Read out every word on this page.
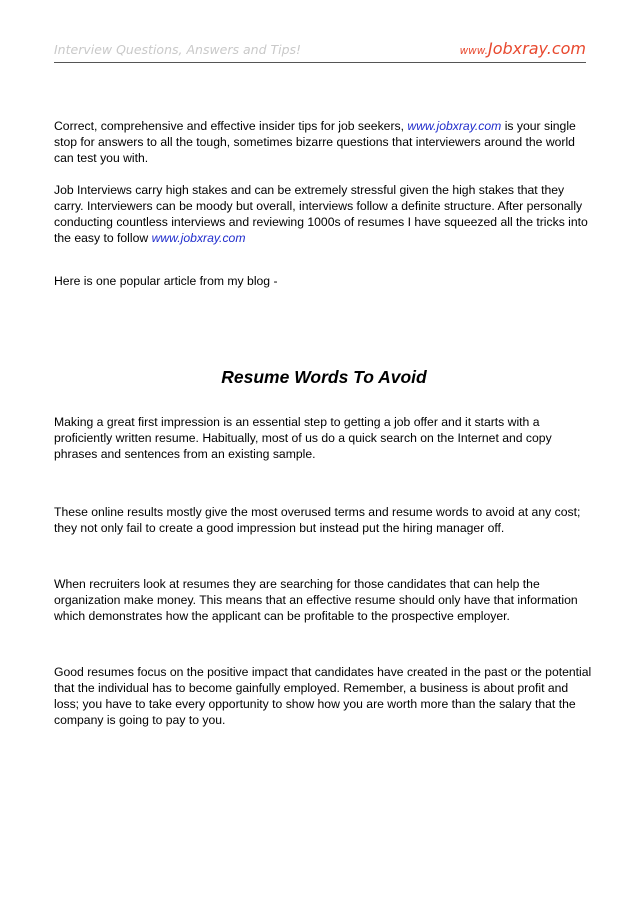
Interview Questions, Answers and Tips!	www.Jobxray.com

Correct, comprehensive and effective insider tips for job seekers, www.jobxray.com is your single stop for answers to all the tough, sometimes bizarre questions that interviewers around the world can test you with.

Job Interviews carry high stakes and can be extremely stressful given the high stakes that they carry. Interviewers can be moody but overall, interviews follow a definite structure. After personally conducting countless interviews and reviewing 1000s of resumes I have squeezed all the tricks into the easy to follow www.jobxray.com

Here is one popular article from my blog -

Resume Words To Avoid

Making a great first impression is an essential step to getting a job offer and it starts with a proficiently written resume. Habitually, most of us do a quick search on the Internet and copy phrases and sentences from an existing sample.

These online results mostly give the most overused terms and resume words to avoid at any cost; they not only fail to create a good impression but instead put the hiring manager off.

When recruiters look at resumes they are searching for those candidates that can help the organization make money. This means that an effective resume should only have that information which demonstrates how the applicant can be profitable to the prospective employer.

Good resumes focus on the positive impact that candidates have created in the past or the potential that the individual has to become gainfully employed. Remember, a business is about profit and loss; you have to take every opportunity to show how you are worth more than the salary that the company is going to pay to you.
